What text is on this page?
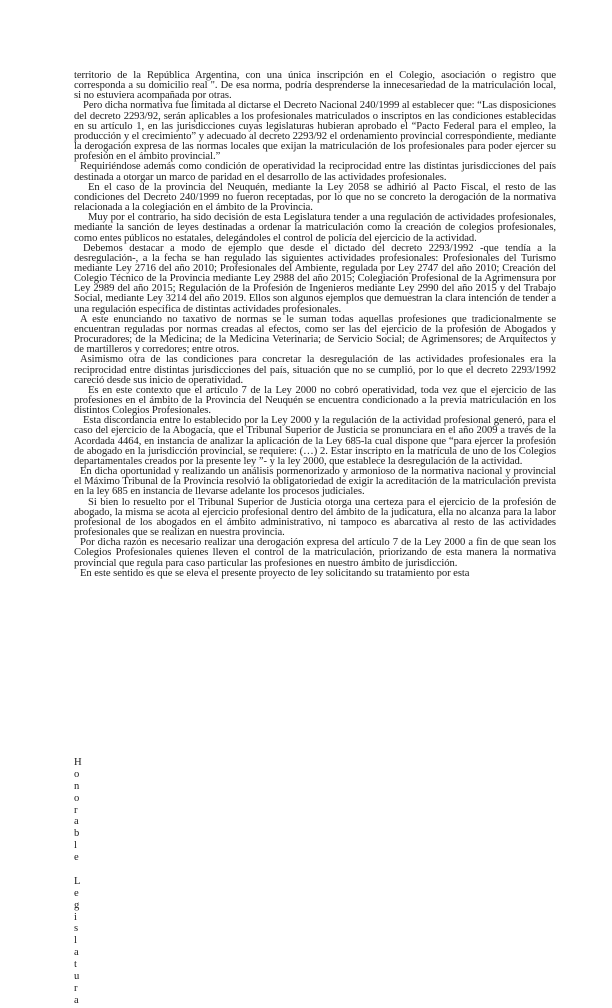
territorio de la República Argentina, con una única inscripción en el Colegio, asociación o registro que corresponda a su domicilio real ". De esa norma, podría desprenderse la innecesariedad de la matriculación local, si no estuviera acompañada por otras.

Pero dicha normativa fue limitada al dictarse el Decreto Nacional 240/1999 al establecer que: “Las disposiciones del decreto 2293/92, serán aplicables a los profesionales matriculados o inscriptos en las condiciones establecidas en su artículo 1, en las jurisdicciones cuyas legislaturas hubieran aprobado el “Pacto Federal para el empleo, la producción y el crecimiento” y adecuado al decreto 2293/92 el ordenamiento provincial correspondiente, mediante la derogación expresa de las normas locales que exijan la matriculación de los profesionales para poder ejercer su profesión en el ámbito provincial.”

Requiriéndose además como condición de operatividad la reciprocidad entre las distintas jurisdicciones del país destinada a otorgar un marco de paridad en el desarrollo de las actividades profesionales.

En el caso de la provincia del Neuquén, mediante la Ley 2058 se adhirió al Pacto Fiscal, el resto de las condiciones del Decreto 240/1999 no fueron receptadas, por lo que no se concreto la derogación de la normativa relacionada a la colegiación en el ámbito de la Provincia.

Muy por el contrario, ha sido decisión de esta Legislatura tender a una regulación de actividades profesionales, mediante la sanción de leyes destinadas a ordenar la matriculación como la creación de colegios profesionales, como entes públicos no estatales, delegándoles el control de policía del ejercicio de la actividad.

Debemos destacar a modo de ejemplo que desde el dictado del decreto 2293/1992 -que tendía a la desregulación-, a la fecha se han regulado las siguientes actividades profesionales: Profesionales del Turismo mediante Ley 2716 del año 2010; Profesionales del Ambiente, regulada por Ley 2747 del año 2010; Creación del Colegio Técnico de la Provincia mediante Ley 2988 del año 2015; Colegiación Profesional de la Agrimensura por Ley 2989 del año 2015; Regulación de la Profesión de Ingenieros mediante Ley 2990 del año 2015 y del Trabajo Social, mediante Ley 3214 del año 2019. Ellos son algunos ejemplos que demuestran la clara intención de tender a una regulación específica de distintas actividades profesionales.

A este enunciando no taxativo de normas se le suman todas aquellas profesiones que tradicionalmente se encuentran reguladas por normas creadas al efectos, como ser las del ejercicio de la profesión de Abogados y Procuradores; de la Medicina; de la Medicina Veterinaria; de Servicio Social; de Agrimensores; de Arquitectos y de martilleros y corredores; entre otros.

Asimismo otra de las condiciones para concretar la desregulación de las actividades profesionales era la reciprocidad entre distintas jurisdicciones del país, situación que no se cumplió, por lo que el decreto 2293/1992 careció desde sus inicio de operatividad.

Es en este contexto que el artículo 7 de la Ley 2000 no cobró operatividad, toda vez que el ejercicio de las profesiones en el ámbito de la Provincia del Neuquén se encuentra condicionado a la previa matriculación en los distintos Colegios Profesionales.

Esta discordancia entre lo establecido por la Ley 2000 y la regulación de la actividad profesional generó, para el caso del ejercicio de la Abogacía, que el Tribunal Superior de Justicia se pronunciara en el año 2009 a través de la Acordada 4464, en instancia de analizar la aplicación de la Ley 685-la cual dispone que “para ejercer la profesión de abogado en la jurisdicción provincial, se requiere: (…) 2. Estar inscripto en la matrícula de uno de los Colegios departamentales creados por la presente ley ”- y la ley 2000, que establece la desregulación de la actividad.

En dicha oportunidad y realizando un análisis pormenorizado y armonioso de la normativa nacional y provincial el Máximo Tribunal de la Provincia resolvió la obligatoriedad de exigir la acreditación de la matriculación prevista en la ley 685 en instancia de llevarse adelante los procesos judiciales.

Si bien lo resuelto por el Tribunal Superior de Justicia otorga una certeza para el ejercicio de la profesión de abogado, la misma se acota al ejercicio profesional dentro del ámbito de la judicatura, ella no alcanza para la labor profesional de los abogados en el ámbito administrativo, ni tampoco es abarcativa al resto de las actividades profesionales que se realizan en nuestra provincia.

Por dicha razón es necesario realizar una derogación expresa del artículo 7 de la Ley 2000 a fin de que sean los Colegios Profesionales quienes lleven el control de la matriculación, priorizando de esta manera la normativa provincial que regula para caso particular las profesiones en nuestro ámbito de jurisdicción.

En este sentido es que se eleva el presente proyecto de ley solicitando su tratamiento por esta

H
o
n
o
r
a
b
l
e
L
e
g
i
s
l
a
t
u
r
a
